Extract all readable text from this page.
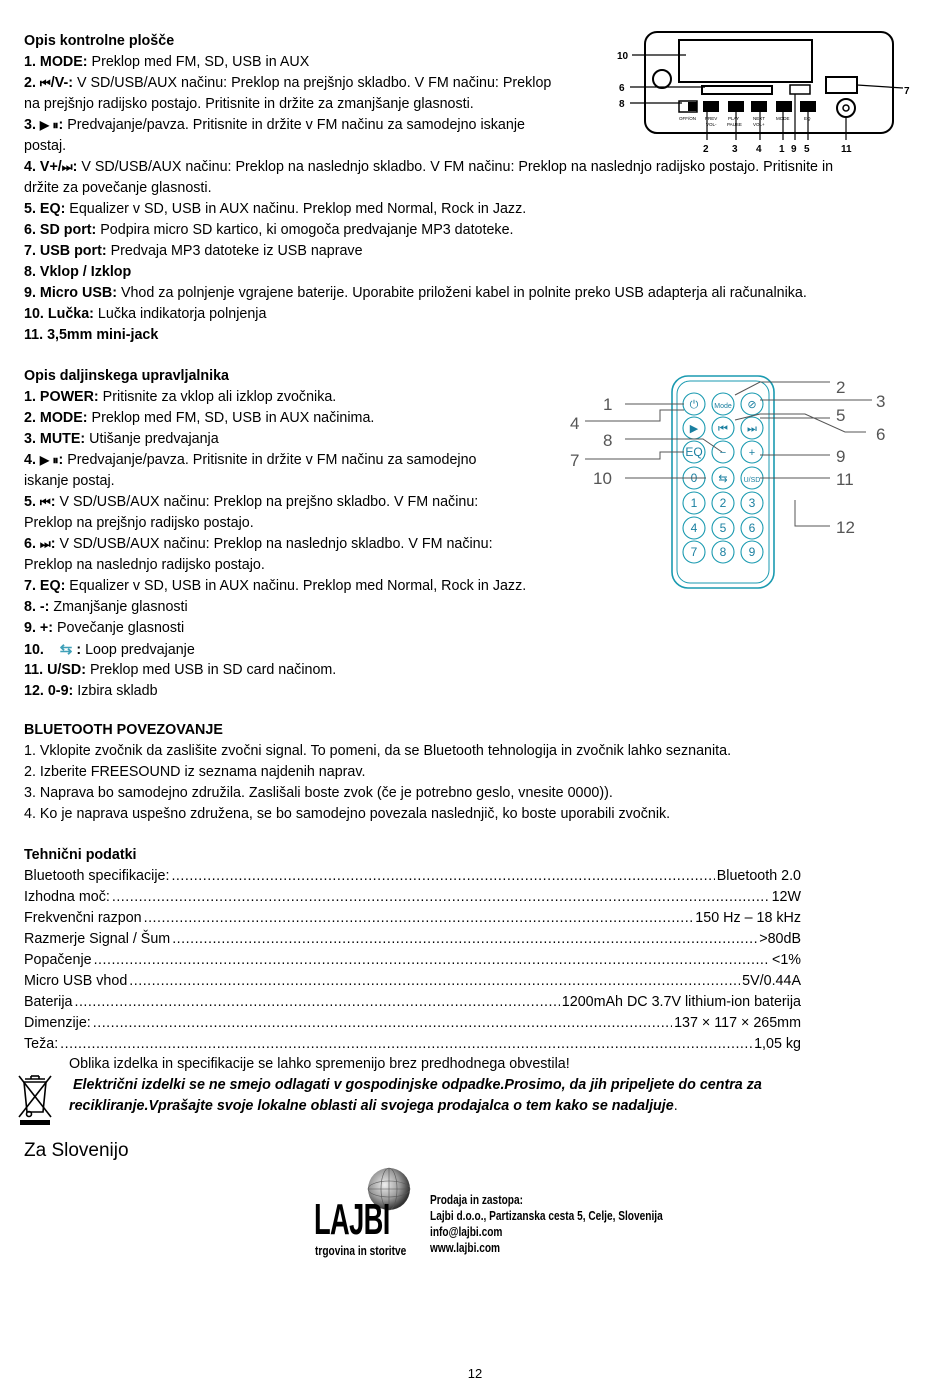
Opis kontrolne plošče
1. MODE: Preklop med FM, SD, USB in AUX
2. ⏮/V-: V SD/USB/AUX načinu: Preklop na prejšnjo skladbo. V FM načinu: Preklop
na prejšnjo radijsko postajo. Pritisnite in držite za zmanjšanje glasnosti.
3. ▶ ⏸: Predvajanje/pavza. Pritisnite in držite v FM načinu za samodejno iskanje
postaj.
4. V+/⏭: V SD/USB/AUX načinu: Preklop na naslednjo skladbo. V FM načinu: Preklop na naslednjo radijsko postajo. Pritisnite in
držite za povečanje glasnosti.
5. EQ: Equalizer v SD, USB in AUX načinu. Preklop med Normal, Rock in Jazz.
6. SD port: Podpira micro SD kartico, ki omogoča predvajanje MP3 datoteke.
7. USB port: Predvaja MP3 datoteke iz USB naprave
8. Vklop / Izklop
9. Micro USB: Vhod za polnjenje vgrajene baterije. Uporabite priloženi kabel in polnite preko USB adapterja ali računalnika.
10. Lučka: Lučka indikatorja polnjenja
11. 3,5mm mini-jack
OFF/ON PREV
VOL-
PLAY
PAUSE
NEXT
VOL+
MODE	EQ
10
6
8
7
2 3 4 1 9 5	11
Opis daljinskega upravljalnika
1. POWER: Pritisnite za vklop ali izklop zvočnika.
2. MODE: Preklop med FM, SD, USB in AUX načinima.
3. MUTE: Utišanje predvajanja
4. ▶ ⏸: Predvajanje/pavza. Pritisnite in držite v FM načinu za samodejno
iskanje postaj.
5. ⏮: V SD/USB/AUX načinu: Preklop na prejšno skladbo. V FM načinu:
Preklop na prejšnjo radijsko postajo.
6. ⏭: V SD/USB/AUX načinu: Preklop na naslednjo skladbo. V FM načinu:
Preklop na naslednjo radijsko postajo.
7. EQ: Equalizer v SD, USB in AUX načinu. Preklop med Normal, Rock in Jazz.
8. -: Zmanjšanje glasnosti
9. +: Povečanje glasnosti
10.    ⇆ : Loop predvajanje
11. U/SD: Preklop med USB in SD card načinom.
12. 0-9: Izbira skladb
⏻ Mode ⊘
▶ ⏮ ⏭
EQ − +
0 ⇆ U/SD
1 2 3
4 5 6
7 8 9
1
2
3
4	5
6
7
8
9
10	11
12
BLUETOOTH POVEZOVANJE
1. Vklopite zvočnik da zaslišite zvočni signal. To pomeni, da se Bluetooth tehnologija in zvočnik lahko seznanita.
2. Izberite FREESOUND iz seznama najdenih naprav.
3. Naprava bo samodejno združila. Zaslišali boste zvok (če je potrebno geslo, vnesite 0000)).
4. Ko je naprava uspešno združena, se bo samodejno povezala naslednjič, ko boste uporabili zvočnik.
Tehnični podatki
Bluetooth specifikacije: .....	Bluetooth 2.0
Izhodna moč: .....	12W
Frekvenčni razpon .....	150 Hz – 18 kHz
Razmerje Signal / Šum .....	>80dB
Popačenje .....	<1%
Micro USB vhod .....	5V/0.44A
Baterija .....	1200mAh DC 3.7V lithium-ion baterija
Dimenzije: .....	137 × 117 × 265mm
Teža: .....	1,05 kg
Oblika izdelka in specifikacije se lahko spremenijo brez predhodnega obvestila!
Električni izdelki se ne smejo odlagati v gospodinjske odpadke.Prosimo, da jih pripeljete do centra za
recikliranje.Vprašajte svoje lokalne oblasti ali svojega prodajalca o tem kako se nadaljuje.
Za Slovenijo
LAJBI
trgovina in storitve
Prodaja in zastopa:
Lajbi d.o.o., Partizanska cesta 5, Celje, Slovenija
info@lajbi.com
www.lajbi.com
12
